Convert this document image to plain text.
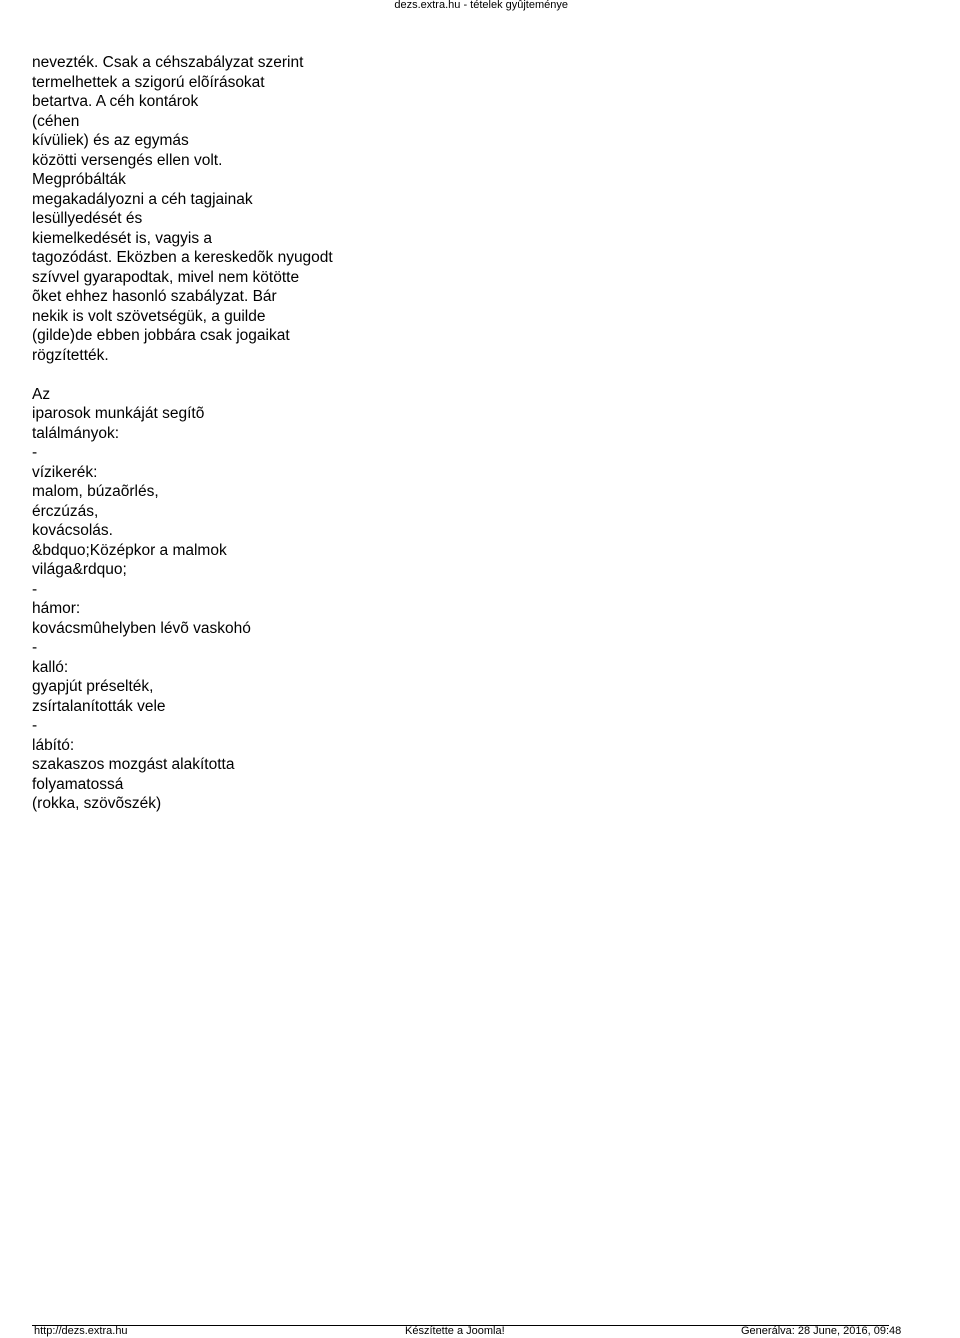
dezs.extra.hu - tételek gyûjteménye
nevezték. Csak a céhszabályzat szerint
termelhettek a szigorú elõírásokat
betartva. A céh kontárok
(céhen
kívüliek) és az egymás
közötti versengés ellen volt.
Megpróbálták
megakadályozni a céh tagjainak
lesüllyedését és
kiemelkedését is, vagyis a
tagozódást. Eközben a kereskedõk nyugodt
szívvel gyarapodtak, mivel nem kötötte
õket ehhez hasonló szabályzat. Bár
nekik is volt szövetségük, a guilde
(gilde)de ebben jobbára csak jogaikat
rögzítették.
Az
iparosok munkáját segítõ
találmányok:
-
vízikerék:
malom, búzaõrlés,
érczúzás,
kovácsolás.
&bdquo;Középkor a malmok
világa&rdquo;
-
hámor:
kovácsmûhelyben lévõ vaskohó
-
kalló:
gyapjút préselték,
zsírtalanították vele
-
lábító:
szakaszos mozgást alakította
folyamatossá
(rokka, szövõszék)
http://dezs.extra.hu	Készítette a Joomla!	Generálva: 28 June, 2016, 09:48
